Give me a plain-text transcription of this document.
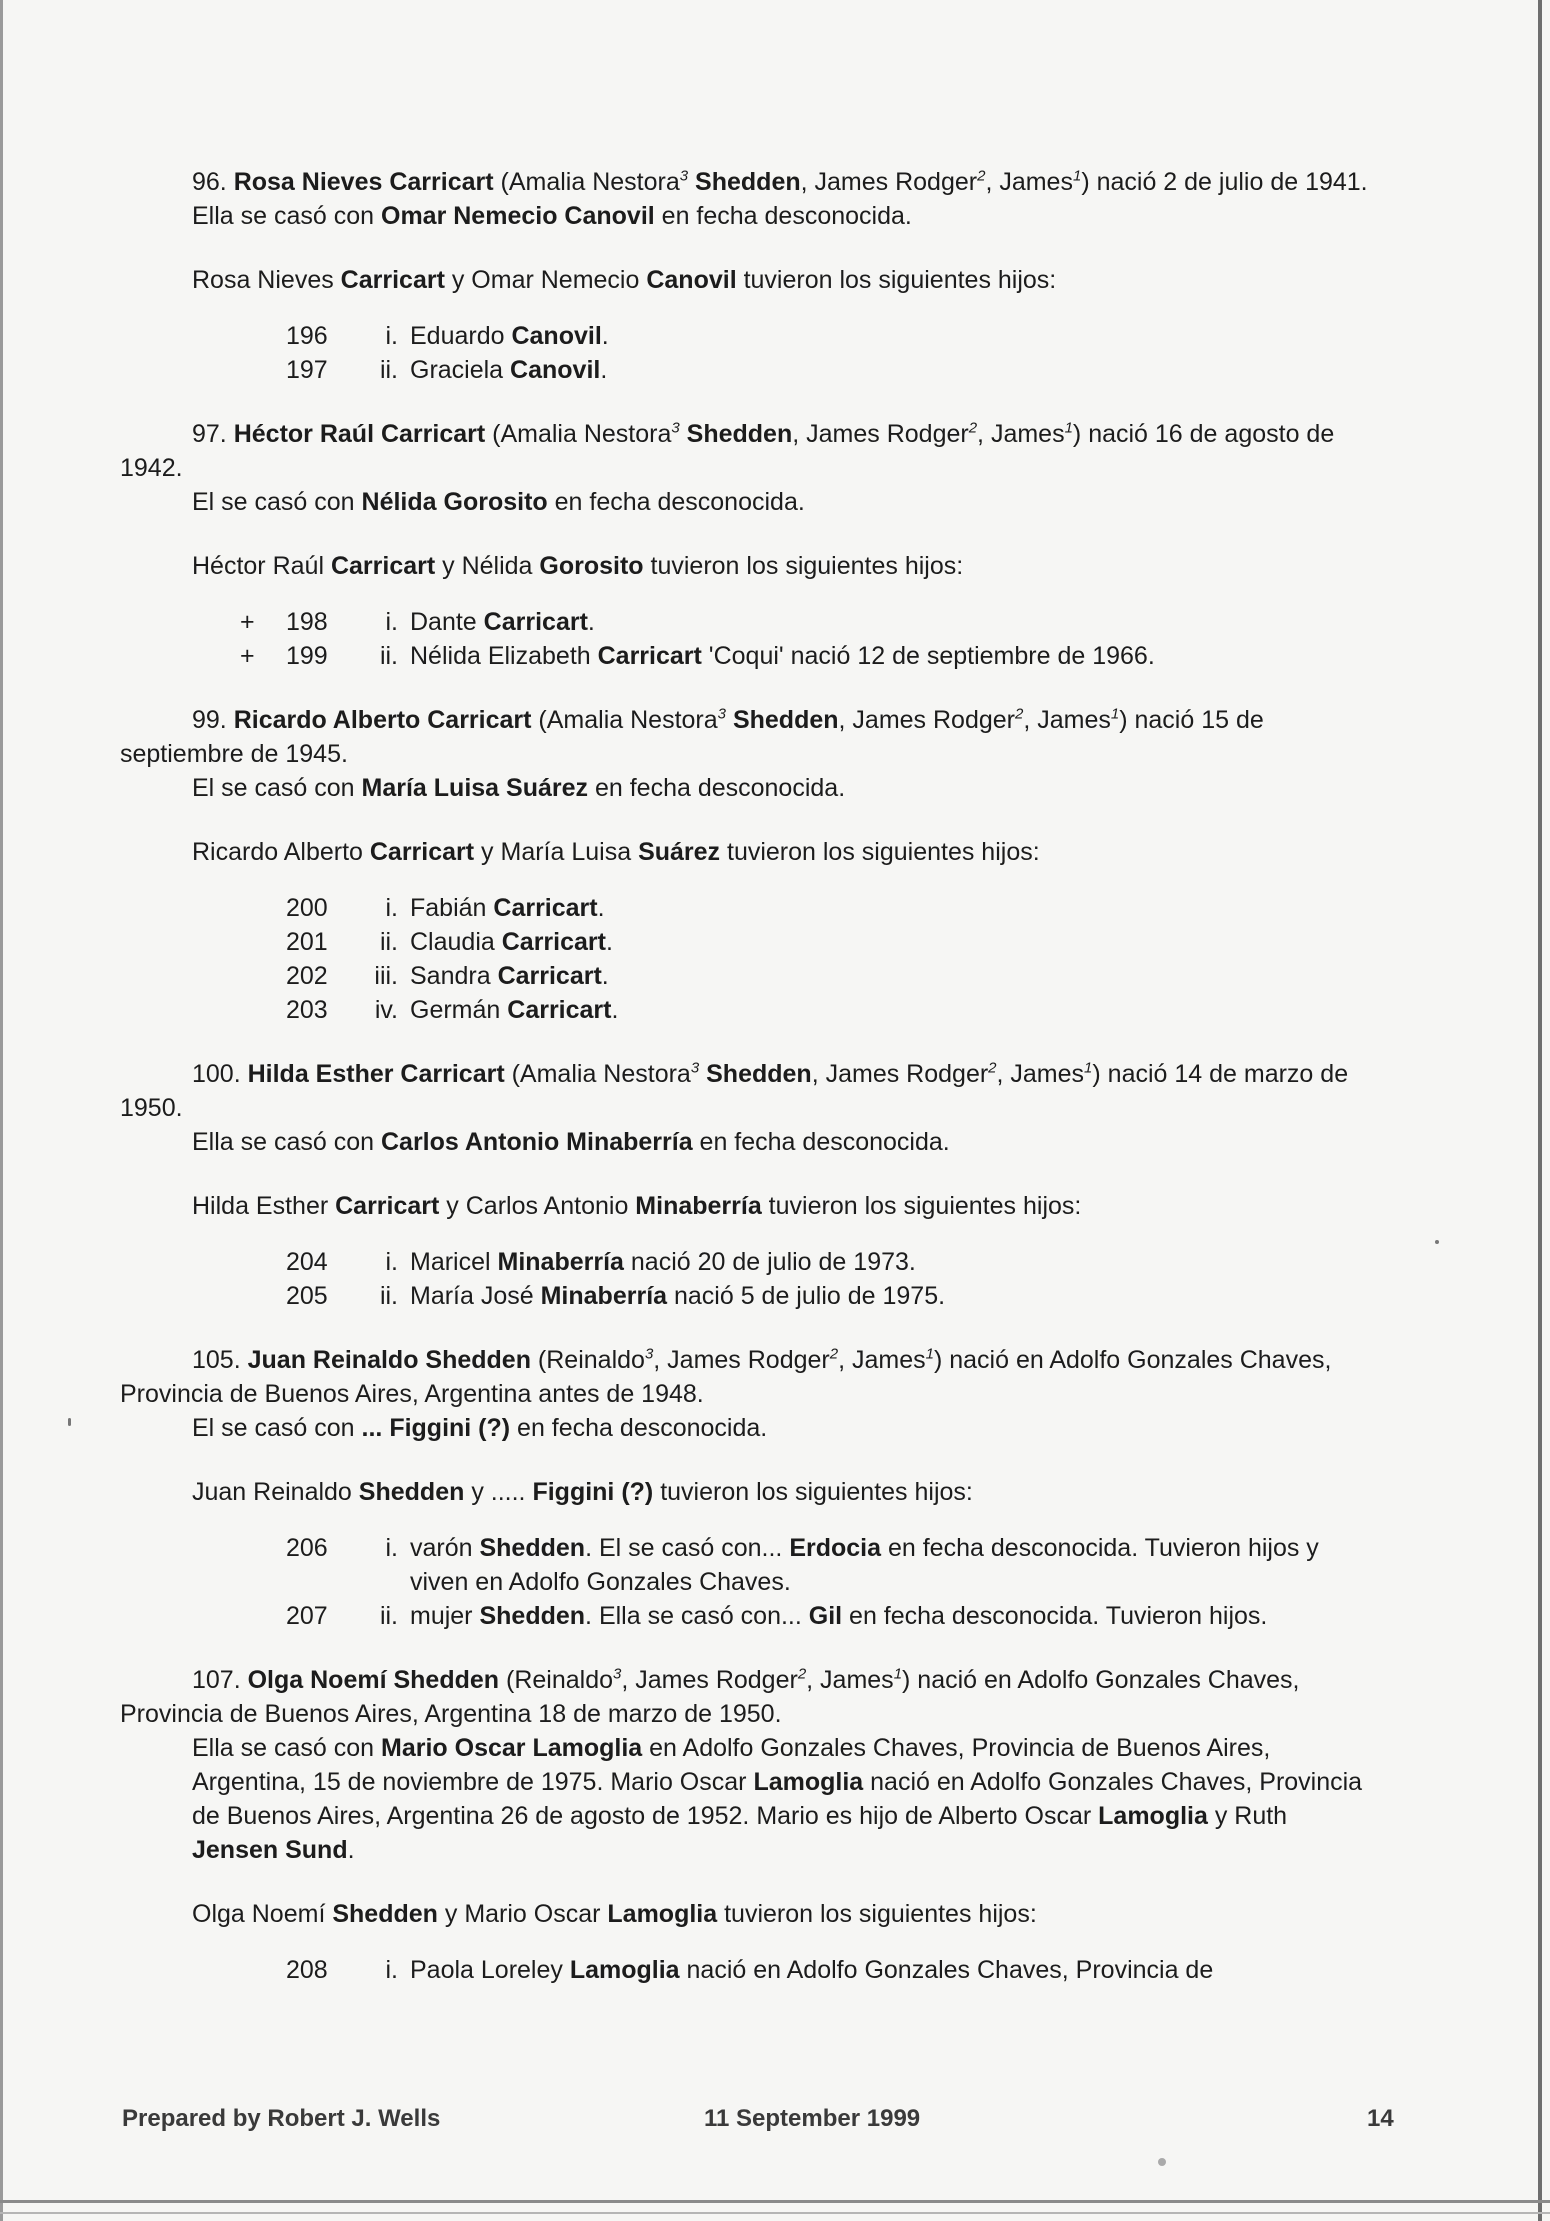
96. Rosa Nieves Carricart (Amalia Nestora$^3$ Shedden, James Rodger$^2$, James$^1$) nació 2 de julio de 1941.

Ella se casó con Omar Nemecio Canovil en fecha desconocida.

Rosa Nieves Carricart y Omar Nemecio Canovil tuvieron los siguientes hijos:

196	i. Eduardo Canovil.
197	ii. Graciela Canovil.

97. Héctor Raúl Carricart (Amalia Nestora$^3$ Shedden, James Rodger$^2$, James$^1$) nació 16 de agosto de 1942.

El se casó con Nélida Gorosito en fecha desconocida.

Héctor Raúl Carricart y Nélida Gorosito tuvieron los siguientes hijos:

+	198	i. Dante Carricart.
+	199	ii. Nélida Elizabeth Carricart 'Coqui' nació 12 de septiembre de 1966.

99. Ricardo Alberto Carricart (Amalia Nestora$^3$ Shedden, James Rodger$^2$, James$^1$) nació 15 de septiembre de 1945.

El se casó con María Luisa Suárez en fecha desconocida.

Ricardo Alberto Carricart y María Luisa Suárez tuvieron los siguientes hijos:

200	i. Fabián Carricart.
201	ii. Claudia Carricart.
202	iii. Sandra Carricart.
203	iv. Germán Carricart.

100. Hilda Esther Carricart (Amalia Nestora$^3$ Shedden, James Rodger$^2$, James$^1$) nació 14 de marzo de 1950.

Ella se casó con Carlos Antonio Minaberría en fecha desconocida.

Hilda Esther Carricart y Carlos Antonio Minaberría tuvieron los siguientes hijos:

204	i. Maricel Minaberría nació 20 de julio de 1973.
205	ii. María José Minaberría nació 5 de julio de 1975.

105. Juan Reinaldo Shedden (Reinaldo$^3$, James Rodger$^2$, James$^1$) nació en Adolfo Gonzales Chaves, Provincia de Buenos Aires, Argentina antes de 1948.

El se casó con ... Figgini (?) en fecha desconocida.

Juan Reinaldo Shedden y ..... Figgini (?) tuvieron los siguientes hijos:

206	i. varón Shedden. El se casó con... Erdocia en fecha desconocida. Tuvieron hijos y viven en Adolfo Gonzales Chaves.
207	ii. mujer Shedden. Ella se casó con... Gil en fecha desconocida. Tuvieron hijos.

107. Olga Noemí Shedden (Reinaldo$^3$, James Rodger$^2$, James$^1$) nació en Adolfo Gonzales Chaves, Provincia de Buenos Aires, Argentina 18 de marzo de 1950.

Ella se casó con Mario Oscar Lamoglia en Adolfo Gonzales Chaves, Provincia de Buenos Aires, Argentina, 15 de noviembre de 1975. Mario Oscar Lamoglia nació en Adolfo Gonzales Chaves, Provincia de Buenos Aires, Argentina 26 de agosto de 1952. Mario es hijo de Alberto Oscar Lamoglia y Ruth Jensen Sund.

Olga Noemí Shedden y Mario Oscar Lamoglia tuvieron los siguientes hijos:

208	i. Paola Loreley Lamoglia nació en Adolfo Gonzales Chaves, Provincia de
Prepared by Robert J. Wells	11 September 1999	14
